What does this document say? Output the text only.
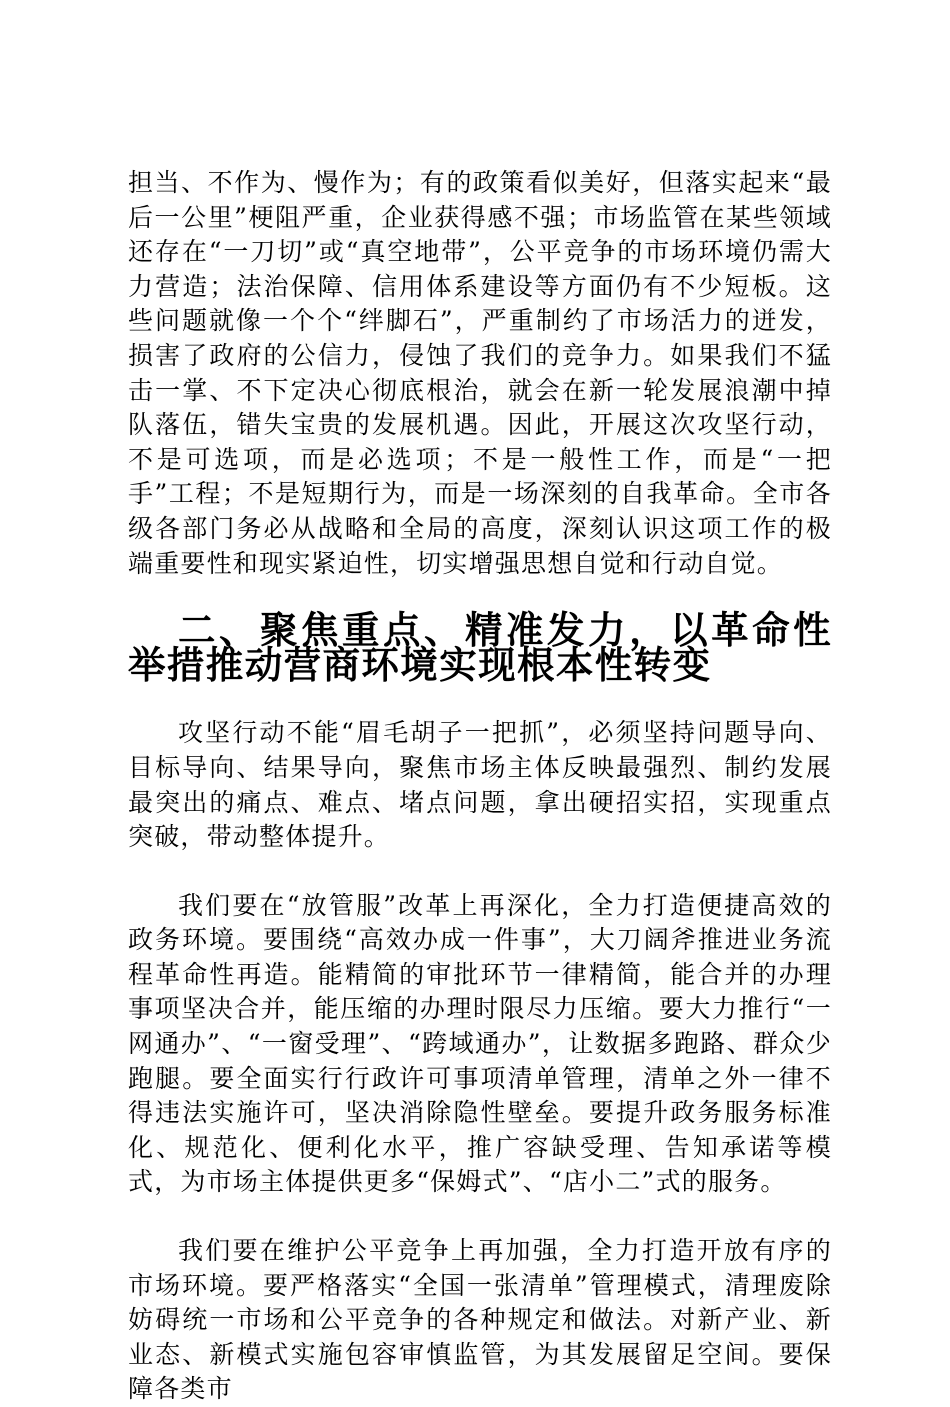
担当、不作为、慢作为；有的政策看似美好，但落实起来“最后一公里”梗阻严重，企业获得感不强；市场监管在某些领域还存在“一刀切”或“真空地带”，公平竞争的市场环境仍需大力营造；法治保障、信用体系建设等方面仍有不少短板。这些问题就像一个个“绊脚石”，严重制约了市场活力的迸发，损害了政府的公信力，侵蚀了我们的竞争力。如果我们不猛击一掌、不下定决心彻底根治，就会在新一轮发展浪潮中掉队落伍，错失宝贵的发展机遇。因此，开展这次攻坚行动，不是可选项，而是必选项；不是一般性工作，而是“一把手”工程；不是短期行为，而是一场深刻的自我革命。全市各级各部门务必从战略和全局的高度，深刻认识这项工作的极端重要性和现实紧迫性，切实增强思想自觉和行动自觉。

二、聚焦重点、精准发力，以革命性举措推动营商环境实现根本性转变

攻坚行动不能“眉毛胡子一把抓”，必须坚持问题导向、目标导向、结果导向，聚焦市场主体反映最强烈、制约发展最突出的痛点、难点、堵点问题，拿出硬招实招，实现重点突破，带动整体提升。

我们要在“放管服”改革上再深化，全力打造便捷高效的政务环境。要围绕“高效办成一件事”，大刀阔斧推进业务流程革命性再造。能精简的审批环节一律精简，能合并的办理事项坚决合并，能压缩的办理时限尽力压缩。要大力推行“一网通办”、“一窗受理”、“跨域通办”，让数据多跑路、群众少跑腿。要全面实行行政许可事项清单管理，清单之外一律不得违法实施许可，坚决消除隐性壁垒。要提升政务服务标准化、规范化、便利化水平，推广容缺受理、告知承诺等模式，为市场主体提供更多“保姆式”、“店小二”式的服务。

我们要在维护公平竞争上再加强，全力打造开放有序的市场环境。要严格落实“全国一张清单”管理模式，清理废除妨碍统一市场和公平竞争的各种规定和做法。对新产业、新业态、新模式实施包容审慎监管，为其发展留足空间。要保障各类市
